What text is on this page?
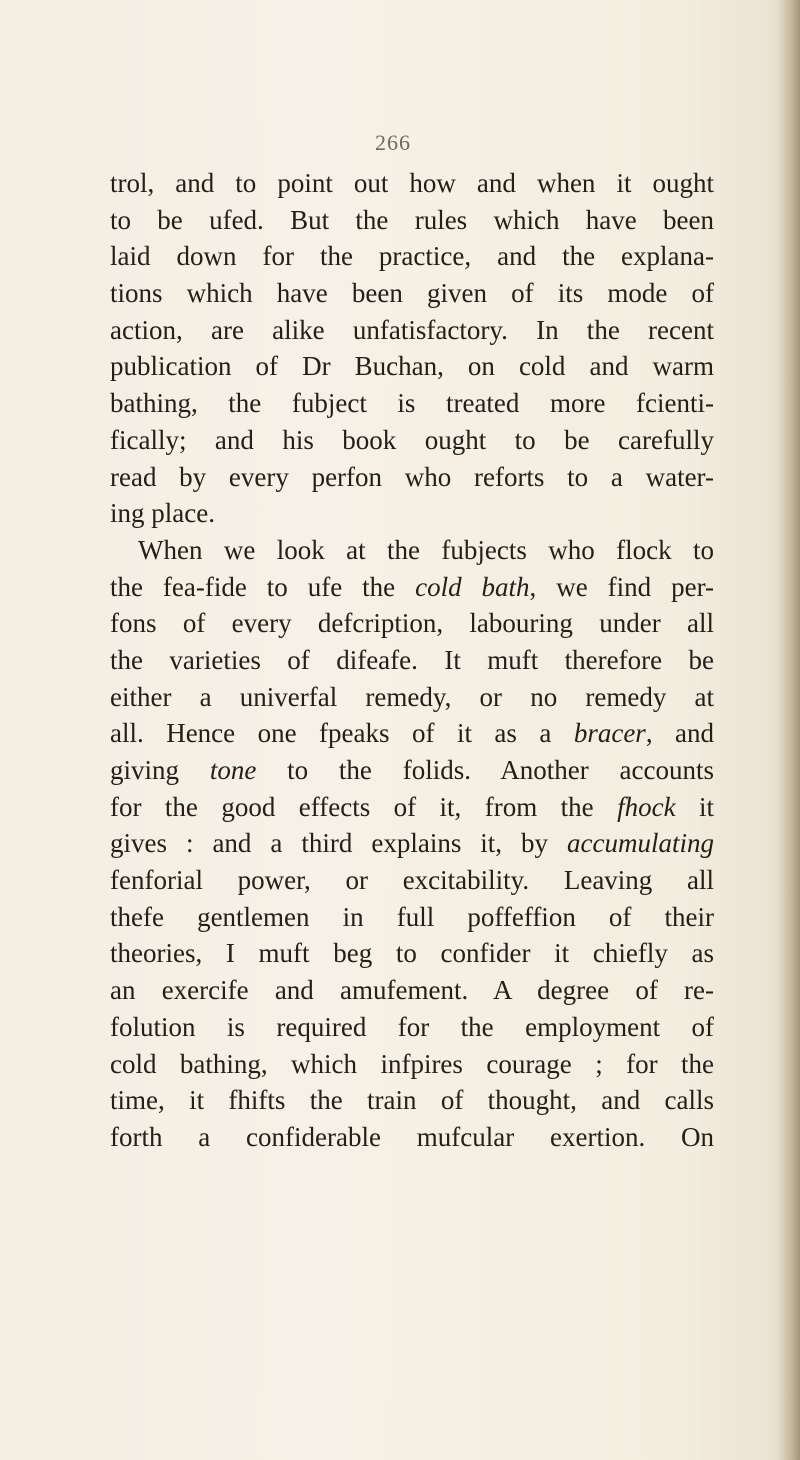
266
trol, and to point out how and when it ought
to be ufed. But the rules which have been
laid down for the practice, and the explana-
tions which have been given of its mode of
action, are alike unfatisfactory. In the recent
publication of Dr Buchan, on cold and warm
bathing, the fubject is treated more fcienti-
fically; and his book ought to be carefully
read by every perfon who reforts to a water-
ing place.
When we look at the fubjects who flock to
the fea-fide to ufe the cold bath, we find per-
fons of every defcription, labouring under all
the varieties of difeafe. It muft therefore be
either a univerfal remedy, or no remedy at
all. Hence one fpeaks of it as a bracer, and
giving tone to the folids. Another accounts
for the good effects of it, from the fhock it
gives : and a third explains it, by accumulating
fenforial power, or excitability. Leaving all
thefe gentlemen in full poffeffion of their
theories, I muft beg to confider it chiefly as
an exercife and amufement. A degree of re-
folution is required for the employment of
cold bathing, which infpires courage ; for the
time, it fhifts the train of thought, and calls
forth a confiderable mufcular exertion. On
